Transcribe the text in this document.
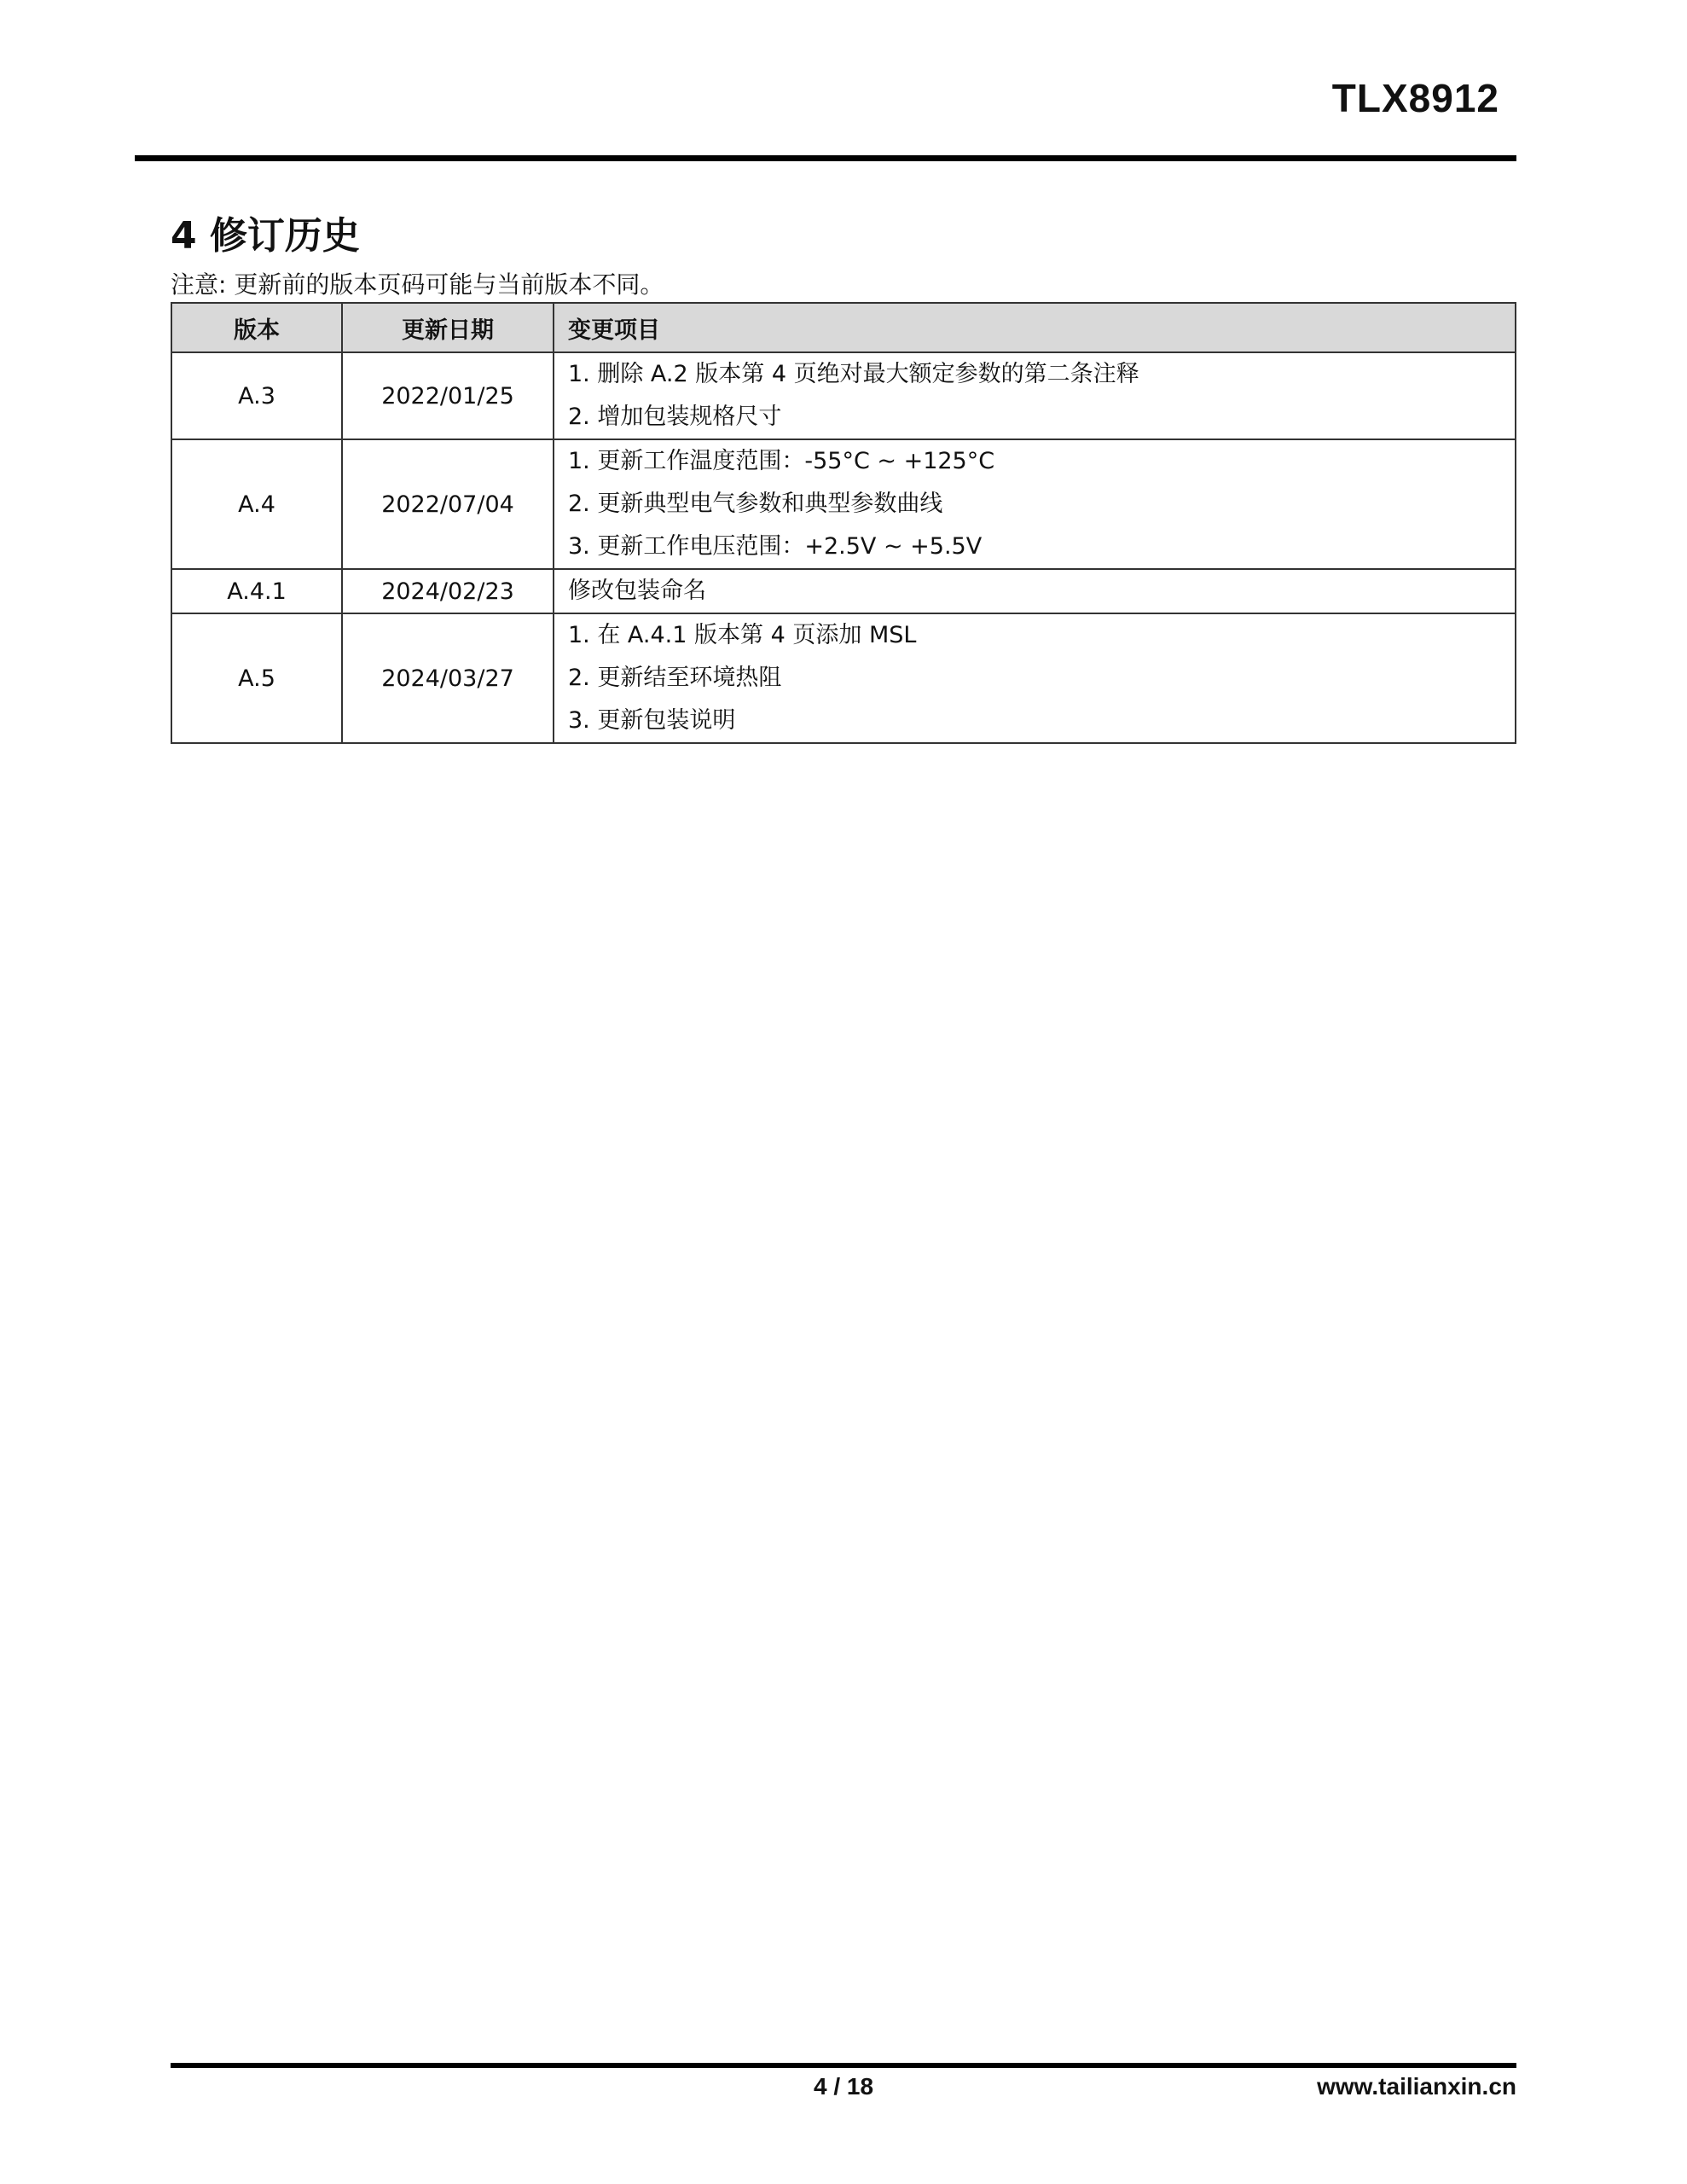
TLX8912
4 修订历史
注意: 更新前的版本页码可能与当前版本不同。
版本	更新日期	变更项目
A.3	2022/01/25	1. 删除 A.2 版本第 4 页绝对最大额定参数的第二条注释
2. 增加包装规格尺寸

A.4	2022/07/04	1. 更新工作温度范围：-55°C ~ +125°C
2. 更新典型电气参数和典型参数曲线
3. 更新工作电压范围：+2.5V ~ +5.5V

A.4.1	2024/02/23	修改包装命名

A.5	2024/03/27	1. 在 A.4.1 版本第 4 页添加 MSL
2. 更新结至环境热阻
3. 更新包装说明
4 / 18	www.tailianxin.cn
